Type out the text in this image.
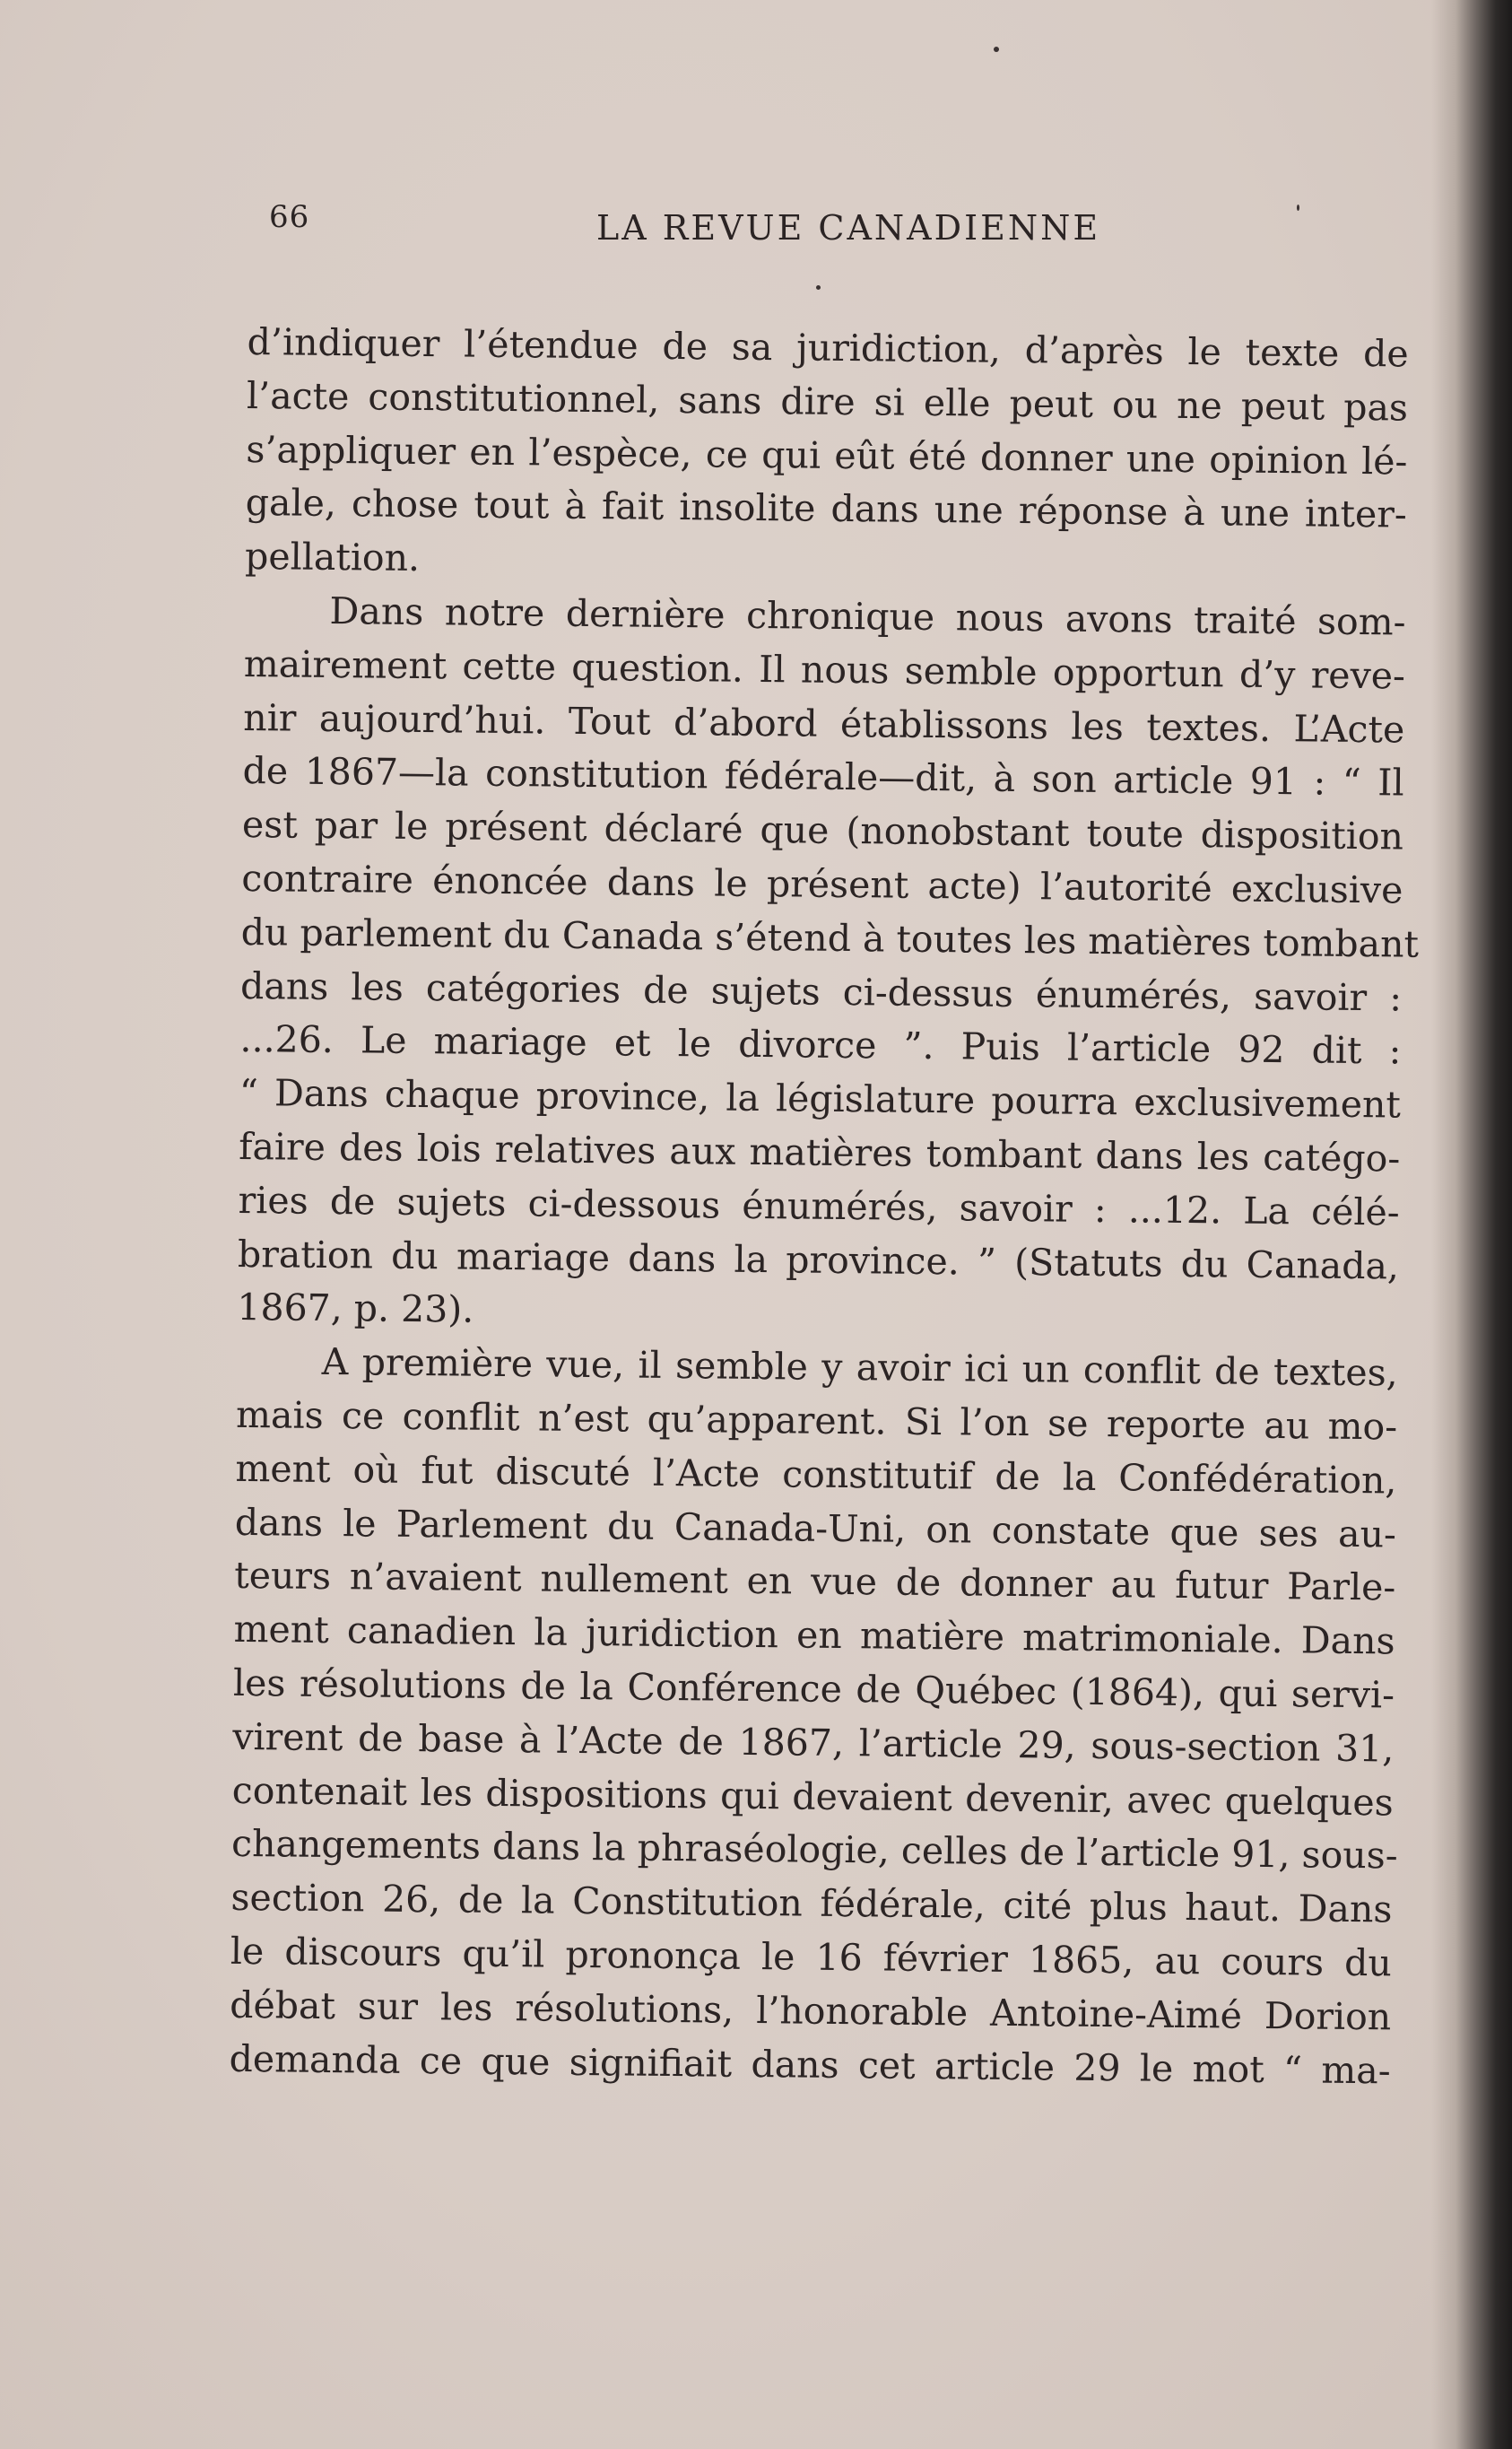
66	LA REVUE CANADIENNE
d’indiquer l’étendue de sa juridiction, d’après le texte de
l’acte constitutionnel, sans dire si elle peut ou ne peut pas
s’appliquer en l’espèce, ce qui eût été donner une opinion lé-
gale, chose tout à fait insolite dans une réponse à une inter-
pellation.
Dans notre dernière chronique nous avons traité som-
mairement cette question. Il nous semble opportun d’y reve-
nir aujourd’hui. Tout d’abord établissons les textes. L’Acte
de 1867—la constitution fédérale—dit, à son article 91 : “ Il
est par le présent déclaré que (nonobstant toute disposition
contraire énoncée dans le présent acte) l’autorité exclusive
du parlement du Canada s’étend à toutes les matières tombant
dans les catégories de sujets ci-dessus énumérés, savoir :
...26. Le mariage et le divorce ”. Puis l’article 92 dit :
“ Dans chaque province, la législature pourra exclusivement
faire des lois relatives aux matières tombant dans les catégo-
ries de sujets ci-dessous énumérés, savoir : ...12. La célé-
bration du mariage dans la province. ” (Statuts du Canada,
1867, p. 23).
A première vue, il semble y avoir ici un conflit de textes,
mais ce conflit n’est qu’apparent. Si l’on se reporte au mo-
ment où fut discuté l’Acte constitutif de la Confédération,
dans le Parlement du Canada-Uni, on constate que ses au-
teurs n’avaient nullement en vue de donner au futur Parle-
ment canadien la juridiction en matière matrimoniale. Dans
les résolutions de la Conférence de Québec (1864), qui servi-
virent de base à l’Acte de 1867, l’article 29, sous-section 31,
contenait les dispositions qui devaient devenir, avec quelques
changements dans la phraséologie, celles de l’article 91, sous-
section 26, de la Constitution fédérale, cité plus haut. Dans
le discours qu’il prononça le 16 février 1865, au cours du
débat sur les résolutions, l’honorable Antoine-Aimé Dorion
demanda ce que signifiait dans cet article 29 le mot “ ma-
